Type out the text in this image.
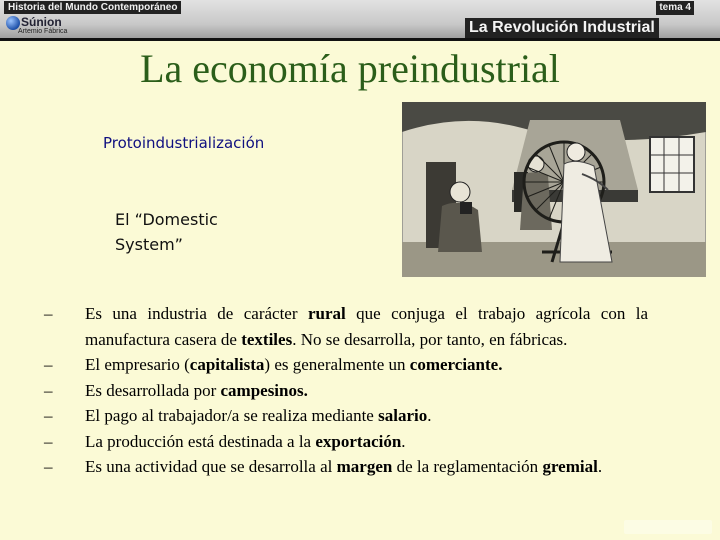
Historia del Mundo Contemporáneo
Súnion
Artemio Fábrica
tema 4
La Revolución Industrial
La economía preindustrial
Protoindustrialización
El “Domestic System”
– Es una industria de carácter rural que conjuga el trabajo agrícola con la manufactura casera de textiles. No se desarrolla, por tanto, en fábricas.
– El empresario (capitalista) es generalmente un comerciante.
– Es desarrollada por campesinos.
– El pago al trabajador/a se realiza mediante salario.
– La producción está destinada a la exportación.
– Es una actividad que se desarrolla al margen de la reglamentación gremial.
